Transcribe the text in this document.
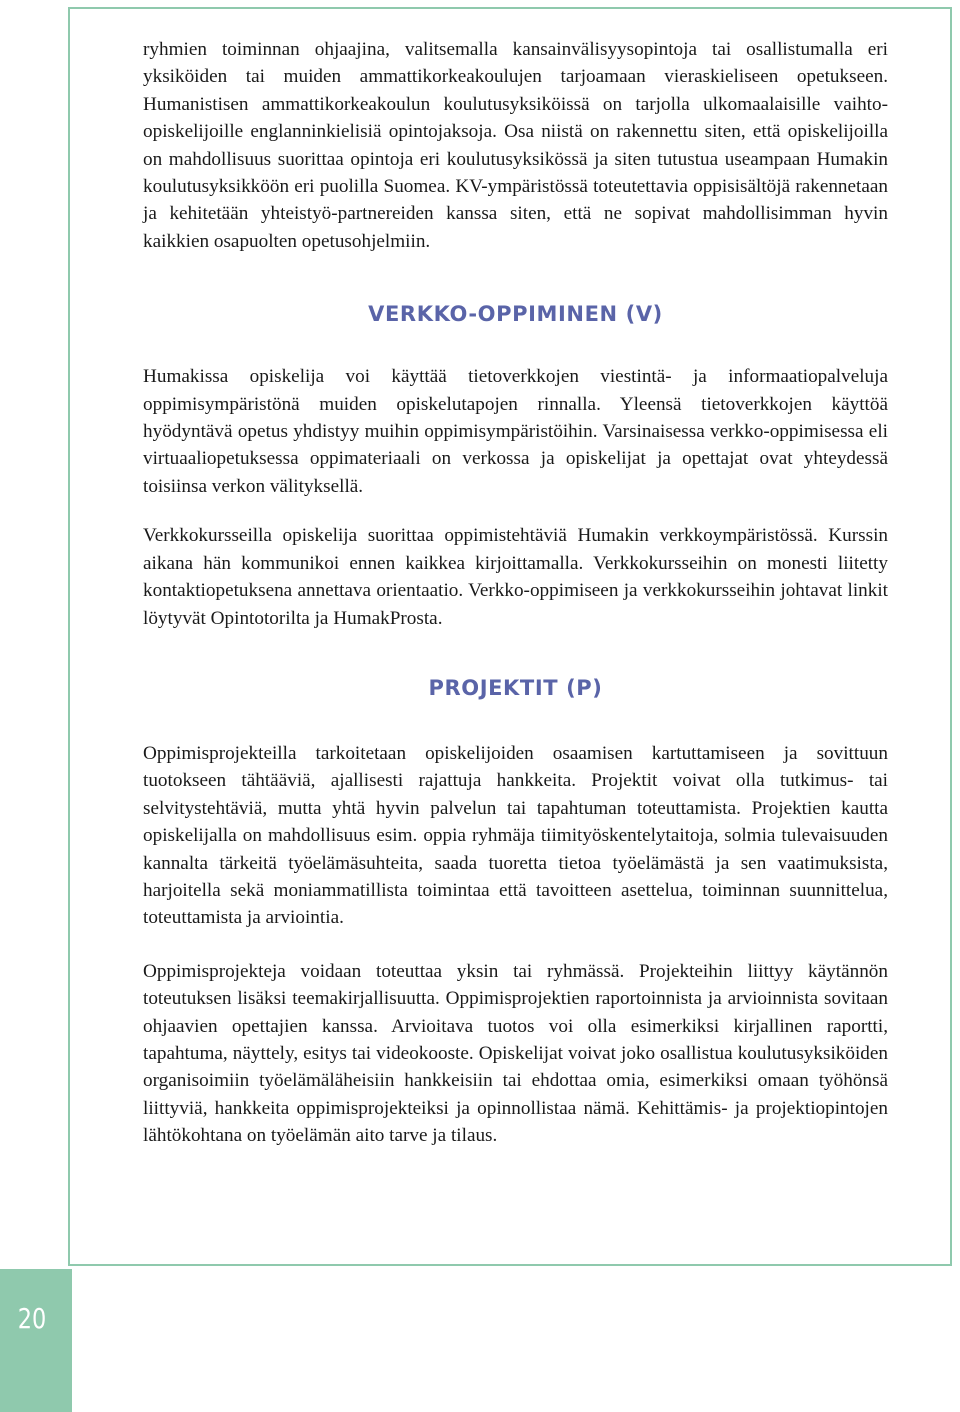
ryhmien toiminnan ohjaajina, valitsemalla kansainvälisyysopintoja tai osallistumalla eri yksiköiden tai muiden ammattikorkeakoulujen tarjoamaan vieraskieliseen opetukseen. Humanistisen ammattikorkeakoulun koulutusyksiköissä on tarjolla ulkomaalaisille vaihto-opiskelijoille englanninkielisiä opintojaksoja. Osa niistä on rakennettu siten, että opiskelijoilla on mahdollisuus suorittaa opintoja eri koulutusyksikössä ja siten tutustua useampaan Humakin koulutusyksikköön eri puolilla Suomea. KV-ympäristössä toteutettavia oppisisältöjä rakennetaan ja kehitetään yhteistyö-partnereiden kanssa siten, että ne sopivat mahdollisimman hyvin kaikkien osapuolten opetusohjelmiin.

VERKKO-OPPIMINEN (V)

Humakissa opiskelija voi käyttää tietoverkkojen viestintä- ja informaatiopalveluja oppimisympäristönä muiden opiskelutapojen rinnalla. Yleensä tietoverkkojen käyttöä hyödyntävä opetus yhdistyy muihin oppimisympäristöihin. Varsinaisessa verkko-oppimisessa eli virtuaaliopetuksessa oppimateriaali on verkossa ja opiskelijat ja opettajat ovat yhteydessä toisiinsa verkon välityksellä.

Verkkokursseilla opiskelija suorittaa oppimistehtäviä Humakin verkkoympäristössä. Kurssin aikana hän kommunikoi ennen kaikkea kirjoittamalla. Verkkokursseihin on monesti liitetty kontaktiopetuksena annettava orientaatio. Verkko-oppimiseen ja verkkokursseihin johtavat linkit löytyvät Opintotorilta ja HumakProsta.

PROJEKTIT (P)

Oppimisprojekteilla tarkoitetaan opiskelijoiden osaamisen kartuttamiseen ja sovittuun tuotokseen tähtääviä, ajallisesti rajattuja hankkeita. Projektit voivat olla tutkimus- tai selvitystehtäviä, mutta yhtä hyvin palvelun tai tapahtuman toteuttamista. Projektien kautta opiskelijalla on mahdollisuus esim. oppia ryhmäja tiimityöskentelytaitoja, solmia tulevaisuuden kannalta tärkeitä työelämäsuhteita, saada tuoretta tietoa työelämästä ja sen vaatimuksista, harjoitella sekä moniammatillista toimintaa että tavoitteen asettelua, toiminnan suunnittelua, toteuttamista ja arviointia.

Oppimisprojekteja voidaan toteuttaa yksin tai ryhmässä. Projekteihin liittyy käytännön toteutuksen lisäksi teemakirjallisuutta. Oppimisprojektien raportoinnista ja arvioinnista sovitaan ohjaavien opettajien kanssa. Arvioitava tuotos voi olla esimerkiksi kirjallinen raportti, tapahtuma, näyttely, esitys tai videokooste. Opiskelijat voivat joko osallistua koulutusyksiköiden organisoimiin työelämäläheisiin hankkeisiin tai ehdottaa omia, esimerkiksi omaan työhönsä liittyviä, hankkeita oppimisprojekteiksi ja opinnollistaa nämä. Kehittämis- ja projektiopintojen lähtökohtana on työelämän aito tarve ja tilaus.

20
